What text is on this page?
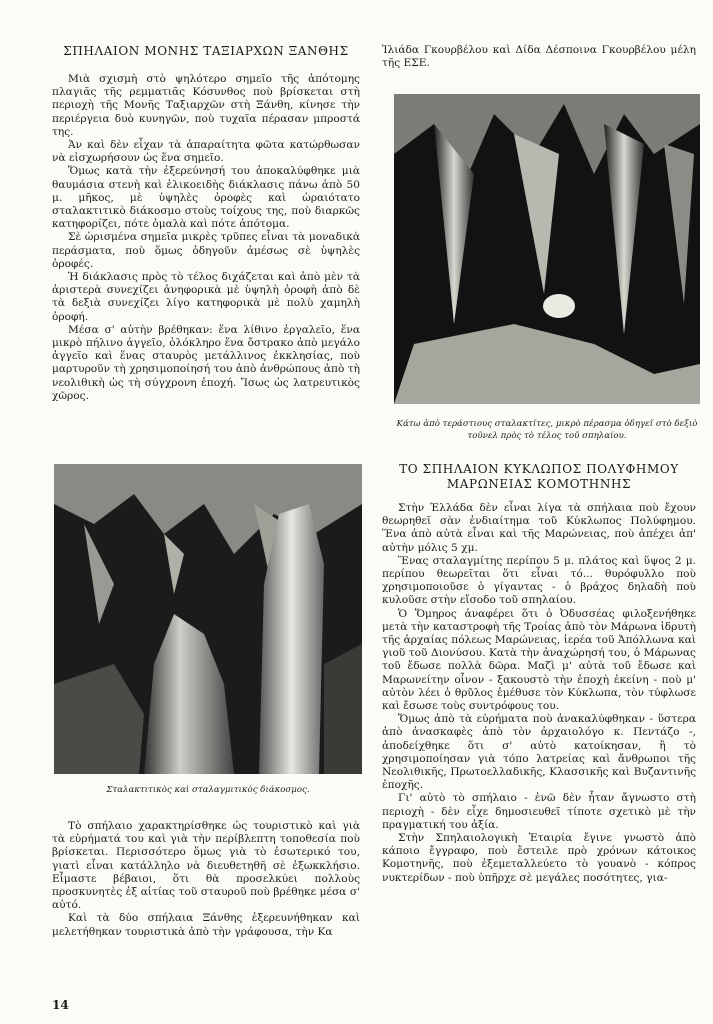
ΣΠΗΛΑΙΟΝ ΜΟΝΗΣ ΤΑΞΙΑΡΧΩΝ ΞΑΝΘΗΣ

Μιὰ σχισμὴ στὸ ψηλότερο σημεῖο τῆς ἀπότομης πλαγιᾶς τῆς ρεμματιᾶς Κόσυνθος ποὺ βρίσκεται στὴ περιοχὴ τῆς Μονῆς Ταξιαρχῶν στὴ Ξάνθη, κίνησε τὴν περιέργεια δυὸ κυνηγῶν, ποὺ τυχαῖα πέρασαν μπροστά της.

Ἀν καὶ δὲν εἶχαν τὰ ἀπαραίτητα φῶτα κατώρθωσαν νὰ εἰσχωρήσουν ὡς ἕνα σημεῖο.

Ὅμως κατὰ τὴν ἐξερεύνησή του ἀποκαλύφθηκε μιὰ θαυμάσια στενὴ καὶ ἑλικοειδὴς διάκλασις πάνω ἀπὸ 50 μ. μῆκος, μὲ ὑψηλὲς ὀροφὲς καὶ ὡραιότατο σταλακτιτικὸ διάκοσμο στοὺς τοίχους της, ποὺ διαρκῶς κατηφορίζει, πότε ὁμαλὰ καὶ πότε ἀπότομα.

Σὲ ὡρισμένα σημεῖα μικρὲς τρῦπες εἶναι τὰ μοναδικὰ περάσματα, ποὺ ὅμως ὁδηγοῦν ἀμέσως σὲ ὑψηλὲς ὀροφές.

Ἡ διάκλασις πρὸς τὸ τέλος διχάζεται καὶ ἀπὸ μὲν τὰ ἀριστερὰ συνεχίζει ἀνηφορικὰ μὲ ὑψηλὴ ὀροφὴ ἀπὸ δὲ τὰ δεξιὰ συνεχίζει λίγο κατηφορικὰ μὲ πολὺ χαμηλὴ ὀροφή.

Μέσα σ' αὐτὴν βρέθηκαν: ἕνα λίθινο ἐργαλεῖο, ἕνα μικρὸ πήλινο ἀγγεῖο, ὁλόκληρο ἕνα ὄστρακο ἀπὸ μεγάλο ἀγγεῖο καὶ ἕνας σταυρὸς μετάλλινος ἐκκλησίας, ποὺ μαρτυροῦν τὴ χρησιμοποίησή του ἀπὸ ἀνθρώπους ἀπὸ τὴ νεολιθικὴ ὡς τὴ σύγχρονη ἐποχή. Ἴσως ὡς λατρευτικὸς χῶρος.

Σταλακτιτικὸς καὶ σταλαγμιτικὸς διάκοσμος.

Τὸ σπήλαιο χαρακτηρίσθηκε ὡς τουριστικὸ καὶ γιὰ τὰ εὑρήματά του καὶ γιὰ τὴν περίβλεπτη τοποθεσία ποὺ βρίσκεται. Περισσότερο ὅμως γιὰ τὸ ἐσωτερικό του, γιατὶ εἶναι κατάλληλο νὰ διευθετηθῆ σὲ ἐξωκκλήσιο. Εἶμαστε βέβαιοι, ὅτι θὰ προσελκύει πολλοὺς προσκυνητὲς ἐξ αἰτίας τοῦ σταυροῦ ποὺ βρέθηκε μέσα σ' αὐτό.

Καὶ τὰ δύο σπήλαια Ξάνθης ἐξερευνήθηκαν καὶ μελετήθηκαν τουριστικὰ ἀπὸ τὴν γράφουσα, τὴν Κα

Ἰλιάδα Γκουρβέλου καὶ Δίδα Δέσποινα Γκουρβέλου μέλη τῆς ΕΣΕ.

Κάτω ἀπὸ τεράστιους σταλακτῖτες, μικρὸ πέρασμα ὁδηγεῖ στὸ δεξιὸ τοῦνελ πρὸς τὸ τέλος τοῦ σπηλαίου.
ΤΟ ΣΠΗΛΑΙΟΝ ΚΥΚΛΩΠΟΣ ΠΟΛΥΦΗΜΟΥ ΜΑΡΩΝΕΙΑΣ ΚΟΜΟΤΗΝΗΣ

Στὴν Ἑλλάδα δὲν εἶναι λίγα τὰ σπήλαια ποὺ ἔχουν θεωρηθεῖ σὰν ἐνδιαίτημα τοῦ Κύκλωπος Πολύφημου. Ἕνα ἀπὸ αὐτὰ εἶναι καὶ τῆς Μαρώνειας, ποὺ ἀπέχει ἀπ' αὐτὴν μόλις 5 χμ.

Ἕνας σταλαγμίτης περίπου 5 μ. πλάτος καὶ ὕψος 2 μ. περίπου θεωρεῖται ὅτι εἶναι τό... θυρόφυλλο ποὺ χρησιμοποιοῦσε ὁ γίγαντας - ὁ βράχος δηλαδὴ ποὺ κυλοῦσε στὴν εἴσοδο τοῦ σπηλαίου.

Ὁ Ὅμηρος ἀναφέρει ὅτι ὁ Ὀδυσσέας φιλοξενήθηκε μετὰ τὴν καταστροφὴ τῆς Τροίας ἀπὸ τὸν Μάρωνα ἱδρυτὴ τῆς ἀρχαίας πόλεως Μαρώνειας, ἱερέα τοῦ Ἀπόλλωνα καὶ γιοῦ τοῦ Διονύσου. Κατὰ τὴν ἀναχώρησή του, ὁ Μάρωνας τοῦ ἔδωσε πολλὰ δῶρα. Μαζὶ μ' αὐτὰ τοῦ ἔδωσε καὶ Μαρωνείτην οἶνον - ξακουστὸ τὴν ἐποχὴ ἐκείνη - ποὺ μ' αὐτὸν λέει ὁ θρῦλος ἐμέθυσε τὸν Κύκλωπα, τὸν τύφλωσε καὶ ἔσωσε τοὺς συντρόφους του.

Ὅμως ἀπὸ τὰ εὑρήματα ποὺ ἀνακαλύφθηκαν - ὕστερα ἀπὸ ἀνασκαφὲς ἀπὸ τὸν ἀρχαιολόγο κ. Πεντάζο -, ἀποδείχθηκε ὅτι σ' αὐτὸ κατοίκησαν, ἢ τὸ χρησιμοποίησαν γιὰ τόπο λατρείας καὶ ἄνθρωποι τῆς Νεολιθικῆς, Πρωτοελλαδικῆς, Κλασσικῆς καὶ Βυζαντινῆς ἐποχῆς.

Γι' αὐτὸ τὸ σπήλαιο - ἐνῶ δὲν ἦταν ἄγνωστο στὴ περιοχὴ - δὲν εἶχε δημοσιευθεῖ τίποτε σχετικὸ μὲ τὴν πραγματική του ἀξία.

Στὴν Σπηλαιολογικὴ Ἑταιρία ἔγινε γνωστὸ ἀπὸ κάποιο ἔγγραφο, ποὺ ἔστειλε πρὸ χρόνων κάτοικος Κομοτηνῆς, ποὺ ἐξεμεταλλεύετο τὸ γουανὸ - κόπρος νυκτερίδων - ποὺ ὑπῆρχε σὲ μεγάλες ποσότητες, για-

14
